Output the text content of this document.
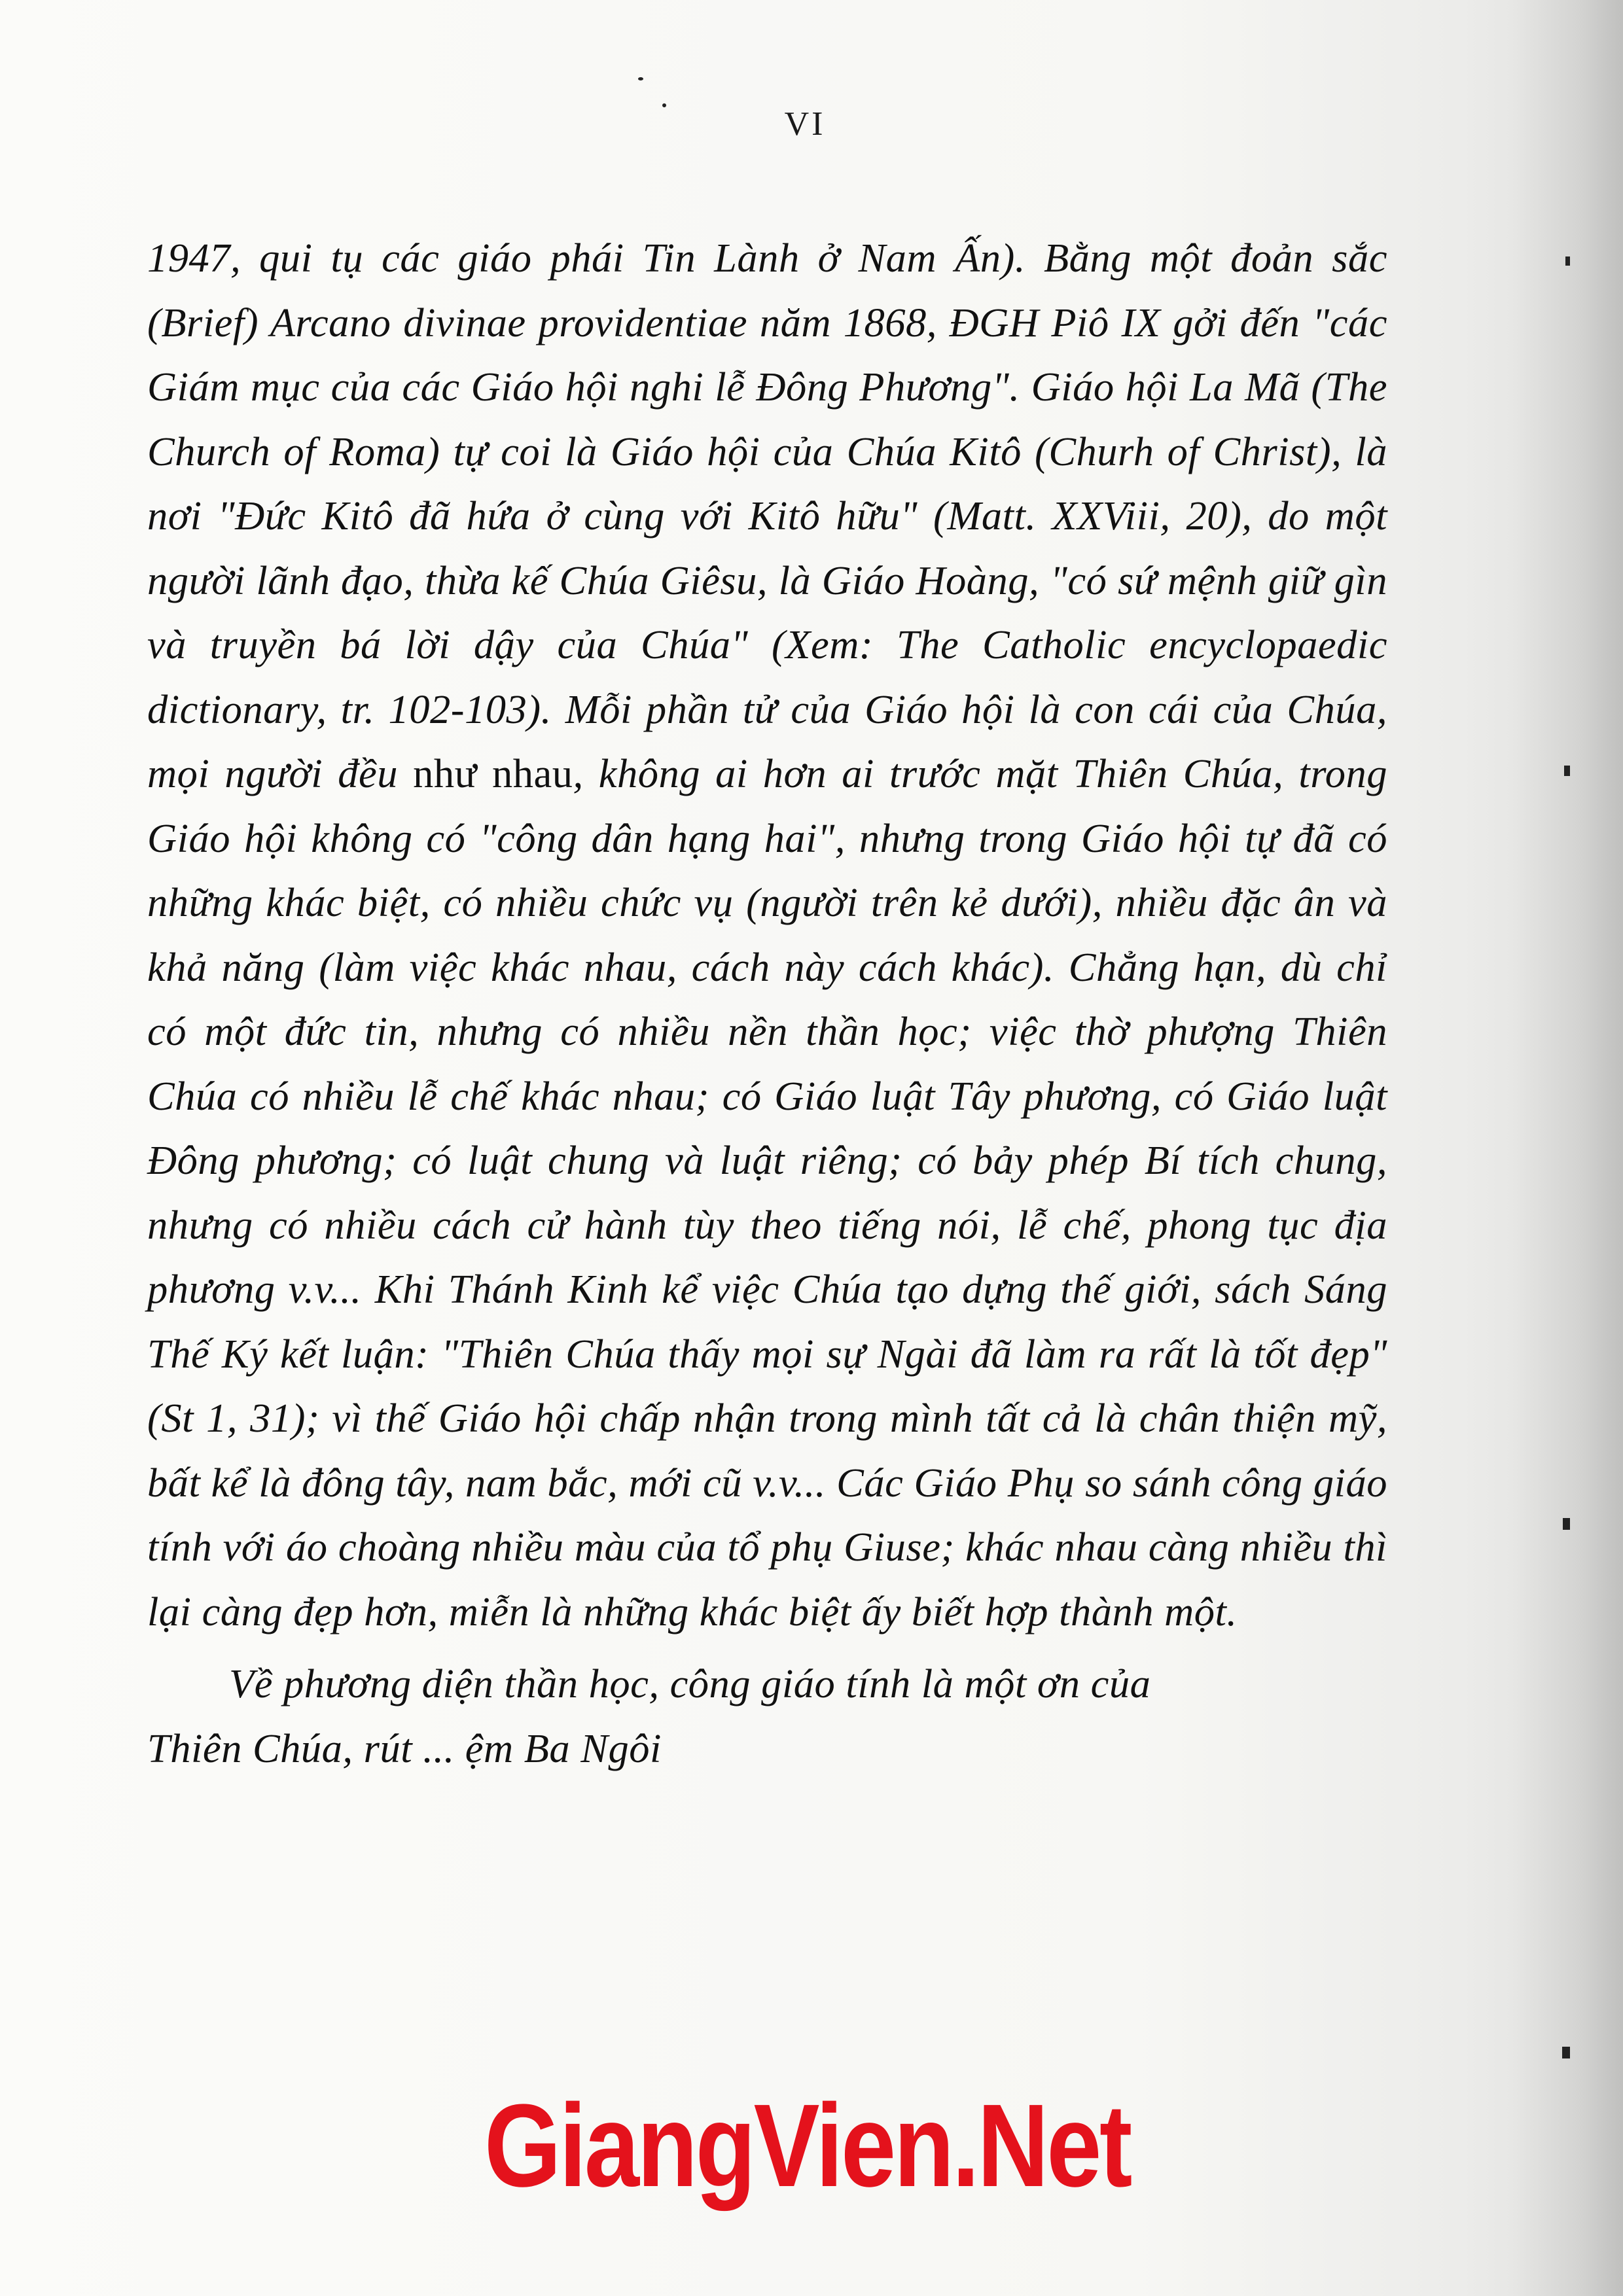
VI

1947, qui tụ các giáo phái Tin Lành ở Nam Ấn). Bằng một đoản sắc (Brief) Arcano divinae providentiae năm 1868, ĐGH Piô IX gởi đến "các Giám mục của các Giáo hội nghi lễ Đông Phương". Giáo hội La Mã (The Church of Roma) tự coi là Giáo hội của Chúa Kitô (Churh of Christ), là nơi "Đức Kitô đã hứa ở cùng với Kitô hữu" (Matt. XXViii, 20), do một người lãnh đạo, thừa kế Chúa Giêsu, là Giáo Hoàng, "có sứ mệnh giữ gìn và truyền bá lời dậy của Chúa" (Xem: The Catholic encyclopaedic dictionary, tr. 102-103). Mỗi phần tử của Giáo hội là con cái của Chúa, mọi người đều như nhau, không ai hơn ai trước mặt Thiên Chúa, trong Giáo hội không có "công dân hạng hai", nhưng trong Giáo hội tự đã có những khác biệt, có nhiều chức vụ (người trên kẻ dưới), nhiều đặc ân và khả năng (làm việc khác nhau, cách này cách khác). Chẳng hạn, dù chỉ có một đức tin, nhưng có nhiều nền thần học; việc thờ phượng Thiên Chúa có nhiều lễ chế khác nhau; có Giáo luật Tây phương, có Giáo luật Đông phương; có luật chung và luật riêng; có bảy phép Bí tích chung, nhưng có nhiều cách cử hành tùy theo tiếng nói, lễ chế, phong tục địa phương v.v... Khi Thánh Kinh kể việc Chúa tạo dựng thế giới, sách Sáng Thế Ký kết luận: "Thiên Chúa thấy mọi sự Ngài đã làm ra rất là tốt đẹp" (St 1, 31); vì thế Giáo hội chấp nhận trong mình tất cả là chân thiện mỹ, bất kể là đông tây, nam bắc, mới cũ v.v... Các Giáo Phụ so sánh công giáo tính với áo choàng nhiều màu của tổ phụ Giuse; khác nhau càng nhiều thì lại càng đẹp hơn, miễn là những khác biệt ấy biết hợp thành một.

Về phương diện thần học, công giáo tính là một ơn của
Thiên Chúa, rút ... ệm Ba Ngôi

GiangVien.Net
